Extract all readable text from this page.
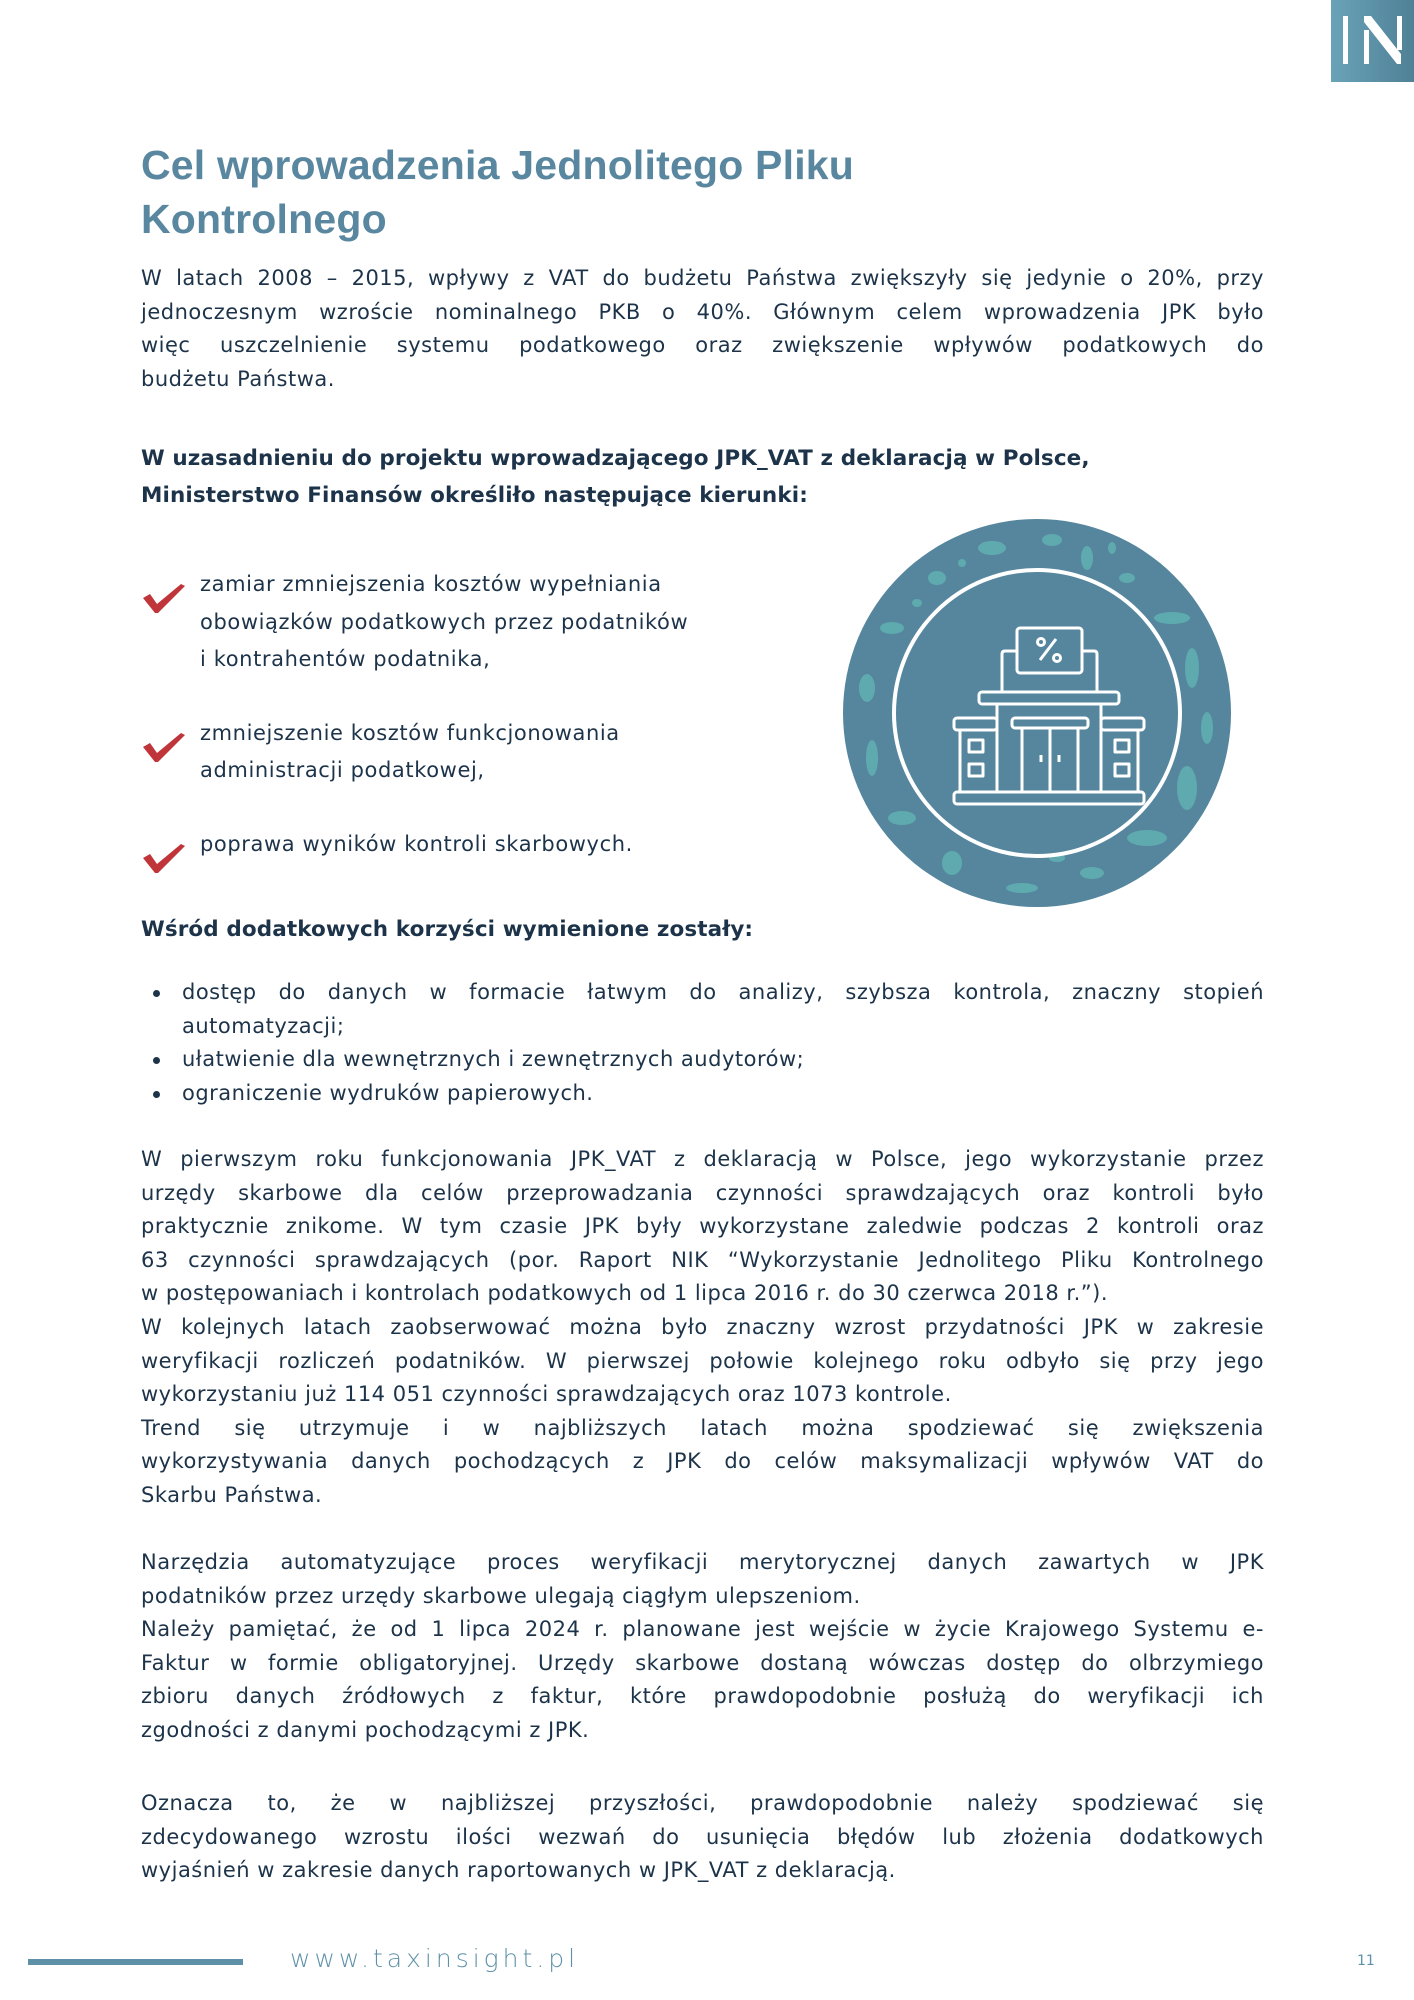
Cel wprowadzenia Jednolitego Pliku
Kontrolnego

W latach 2008 – 2015, wpływy z VAT do budżetu Państwa zwiększyły się jedynie o 20%, przy
jednoczesnym wzroście nominalnego PKB o 40%. Głównym celem wprowadzenia JPK było
więc uszczelnienie systemu podatkowego oraz zwiększenie wpływów podatkowych do
budżetu Państwa.

W uzasadnieniu do projektu wprowadzającego JPK_VAT z deklaracją w Polsce,
Ministerstwo Finansów określiło następujące kierunki:

zamiar zmniejszenia kosztów wypełniania
obowiązków podatkowych przez podatników
i kontrahentów podatnika,
zmniejszenie kosztów funkcjonowania
administracji podatkowej,
poprawa wyników kontroli skarbowych.

Wśród dodatkowych korzyści wymienione zostały:

dostęp do danych w formacie łatwym do analizy, szybsza kontrola, znaczny stopień
automatyzacji;
ułatwienie dla wewnętrznych i zewnętrznych audytorów;
ograniczenie wydruków papierowych.

W pierwszym roku funkcjonowania JPK_VAT z deklaracją w Polsce, jego wykorzystanie przez
urzędy skarbowe dla celów przeprowadzania czynności sprawdzających oraz kontroli było
praktycznie znikome. W tym czasie JPK były wykorzystane zaledwie podczas 2 kontroli oraz
63 czynności sprawdzających (por. Raport NIK “Wykorzystanie Jednolitego Pliku Kontrolnego
w postępowaniach i kontrolach podatkowych od 1 lipca 2016 r. do 30 czerwca 2018 r.”).
W kolejnych latach zaobserwować można było znaczny wzrost przydatności JPK w zakresie
weryfikacji rozliczeń podatników. W pierwszej połowie kolejnego roku odbyło się przy jego
wykorzystaniu już 114 051 czynności sprawdzających oraz 1073 kontrole.
Trend się utrzymuje i w najbliższych latach można spodziewać się zwiększenia
wykorzystywania danych pochodzących z JPK do celów maksymalizacji wpływów VAT do
Skarbu Państwa.

Narzędzia automatyzujące proces weryfikacji merytorycznej danych zawartych w JPK
podatników przez urzędy skarbowe ulegają ciągłym ulepszeniom.
Należy pamiętać, że od 1 lipca 2024 r. planowane jest wejście w życie Krajowego Systemu e-
Faktur w formie obligatoryjnej. Urzędy skarbowe dostaną wówczas dostęp do olbrzymiego
zbioru danych źródłowych z faktur, które prawdopodobnie posłużą do weryfikacji ich
zgodności z danymi pochodzącymi z JPK.

Oznacza to, że w najbliższej przyszłości, prawdopodobnie należy spodziewać się
zdecydowanego wzrostu ilości wezwań do usunięcia błędów lub złożenia dodatkowych
wyjaśnień w zakresie danych raportowanych w JPK_VAT z deklaracją.

www.taxinsight.pl	11
